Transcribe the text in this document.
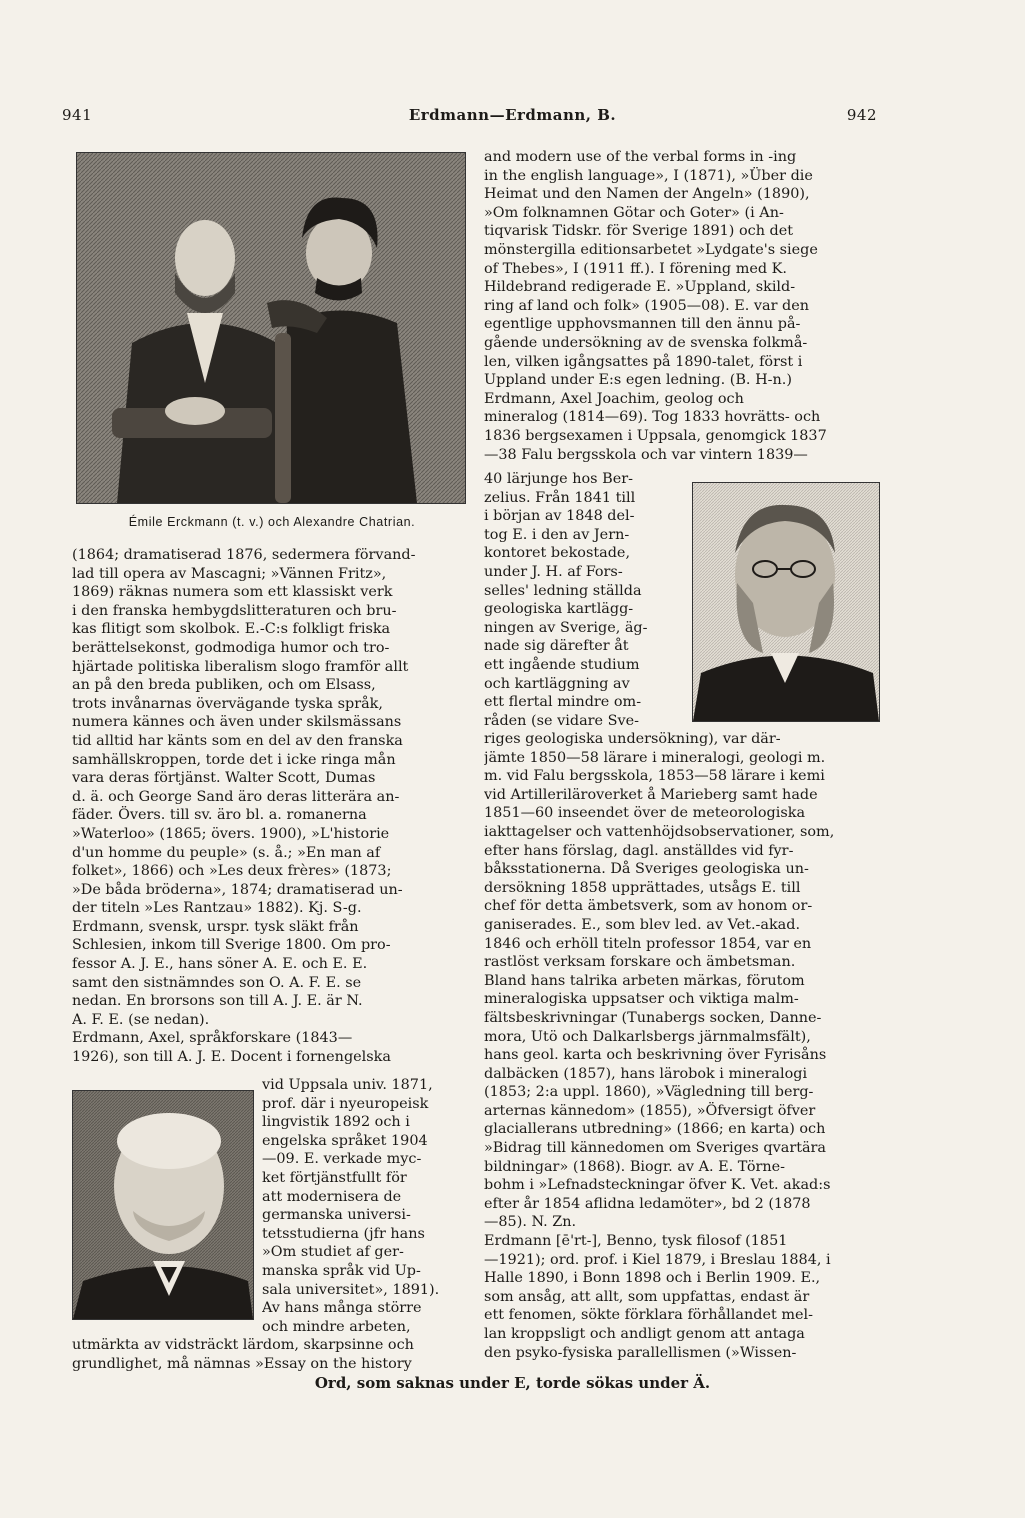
941	Erdmann—Erdmann, B.	942
Émile Erckmann (t. v.) och Alexandre Chatrian.

(1864; dramatiserad 1876, sedermera förvand-
lad till opera av Mascagni; »Vännen Fritz»,
1869) räknas numera som ett klassiskt verk
i den franska hembygdslitteraturen och bru-
kas flitigt som skolbok. E.-C:s folkligt friska
berättelsekonst, godmodiga humor och tro-
hjärtade politiska liberalism slogo framför allt
an på den breda publiken, och om Elsass,
trots invånarnas övervägande tyska språk,
numera kännes och även under skilsmässans
tid alltid har känts som en del av den franska
samhällskroppen, torde det i icke ringa mån
vara deras förtjänst. Walter Scott, Dumas
d. ä. och George Sand äro deras litterära an-
fäder. Övers. till sv. äro bl. a. romanerna
»Waterloo» (1865; övers. 1900), »L'historie
d'un homme du peuple» (s. å.; »En man af
folket», 1866) och »Les deux frères» (1873;
»De båda bröderna», 1874; dramatiserad un-
der titeln »Les Rantzau» 1882). Kj. S-g.
Erdmann, svensk, urspr. tysk släkt från
Schlesien, inkom till Sverige 1800. Om pro-
fessor A. J. E., hans söner A. E. och E. E.
samt den sistnämndes son O. A. F. E. se
nedan. En brorsons son till A. J. E. är N.
A. F. E. (se nedan).
Erdmann, Axel, språkforskare (1843—
1926), son till A. J. E. Docent i fornengelska

vid Uppsala univ. 1871,
prof. där i nyeuropeisk
lingvistik 1892 och i
engelska språket 1904
—09. E. verkade myc-
ket förtjänstfullt för
att modernisera de
germanska universi-
tetsstudierna (jfr hans
»Om studiet af ger-
manska språk vid Up-
sala universitet», 1891).
Av hans många större
och mindre arbeten,

utmärkta av vidsträckt lärdom, skarpsinne och
grundlighet, må nämnas »Essay on the history

and modern use of the verbal forms in -ing
in the english language», I (1871), »Über die
Heimat und den Namen der Angeln» (1890),
»Om folknamnen Götar och Goter» (i An-
tiqvarisk Tidskr. för Sverige 1891) och det
mönstergilla editionsarbetet »Lydgate's siege
of Thebes», I (1911 ff.). I förening med K.
Hildebrand redigerade E. »Uppland, skild-
ring af land och folk» (1905—08). E. var den
egentlige upphovsmannen till den ännu på-
gående undersökning av de svenska folkmå-
len, vilken igångsattes på 1890-talet, först i
Uppland under E:s egen ledning. (B. H-n.)
Erdmann, Axel Joachim, geolog och
mineralog (1814—69). Tog 1833 hovrätts- och
1836 bergsexamen i Uppsala, genomgick 1837
—38 Falu bergsskola och var vintern 1839—

40 lärjunge hos Ber-
zelius. Från 1841 till
i början av 1848 del-
tog E. i den av Jern-
kontoret bekostade,
under J. H. af Fors-
selles' ledning ställda
geologiska kartlägg-
ningen av Sverige, äg-
nade sig därefter åt
ett ingående studium
och kartläggning av
ett flertal mindre om-
råden (se vidare Sve-

riges geologiska undersökning), var där-
jämte 1850—58 lärare i mineralogi, geologi m.
m. vid Falu bergsskola, 1853—58 lärare i kemi
vid Artilleriläroverket å Marieberg samt hade
1851—60 inseendet över de meteorologiska
iakttagelser och vattenhöjdsobservationer, som,
efter hans förslag, dagl. anställdes vid fyr-
båksstationerna. Då Sveriges geologiska un-
dersökning 1858 upprättades, utsågs E. till
chef för detta ämbetsverk, som av honom or-
ganiserades. E., som blev led. av Vet.-akad.
1846 och erhöll titeln professor 1854, var en
rastlöst verksam forskare och ämbetsman.
Bland hans talrika arbeten märkas, förutom
mineralogiska uppsatser och viktiga malm-
fältsbeskrivningar (Tunabergs socken, Danne-
mora, Utö och Dalkarlsbergs järnmalmsfält),
hans geol. karta och beskrivning över Fyrisåns
dalbäcken (1857), hans lärobok i mineralogi
(1853; 2:a uppl. 1860), »Vägledning till berg-
arternas kännedom» (1855), »Öfversigt öfver
glaciallerans utbredning» (1866; en karta) och
»Bidrag till kännedomen om Sveriges qvartära
bildningar» (1868). Biogr. av A. E. Törne-
bohm i »Lefnadsteckningar öfver K. Vet. akad:s
efter år 1854 aflidna ledamöter», bd 2 (1878
—85). N. Zn.
Erdmann [ē'rt-], Benno, tysk filosof (1851
—1921); ord. prof. i Kiel 1879, i Breslau 1884, i
Halle 1890, i Bonn 1898 och i Berlin 1909. E.,
som ansåg, att allt, som uppfattas, endast är
ett fenomen, sökte förklara förhållandet mel-
lan kroppsligt och andligt genom att antaga
den psyko-fysiska parallellismen (»Wissen-

Ord, som saknas under E, torde sökas under Ä.
